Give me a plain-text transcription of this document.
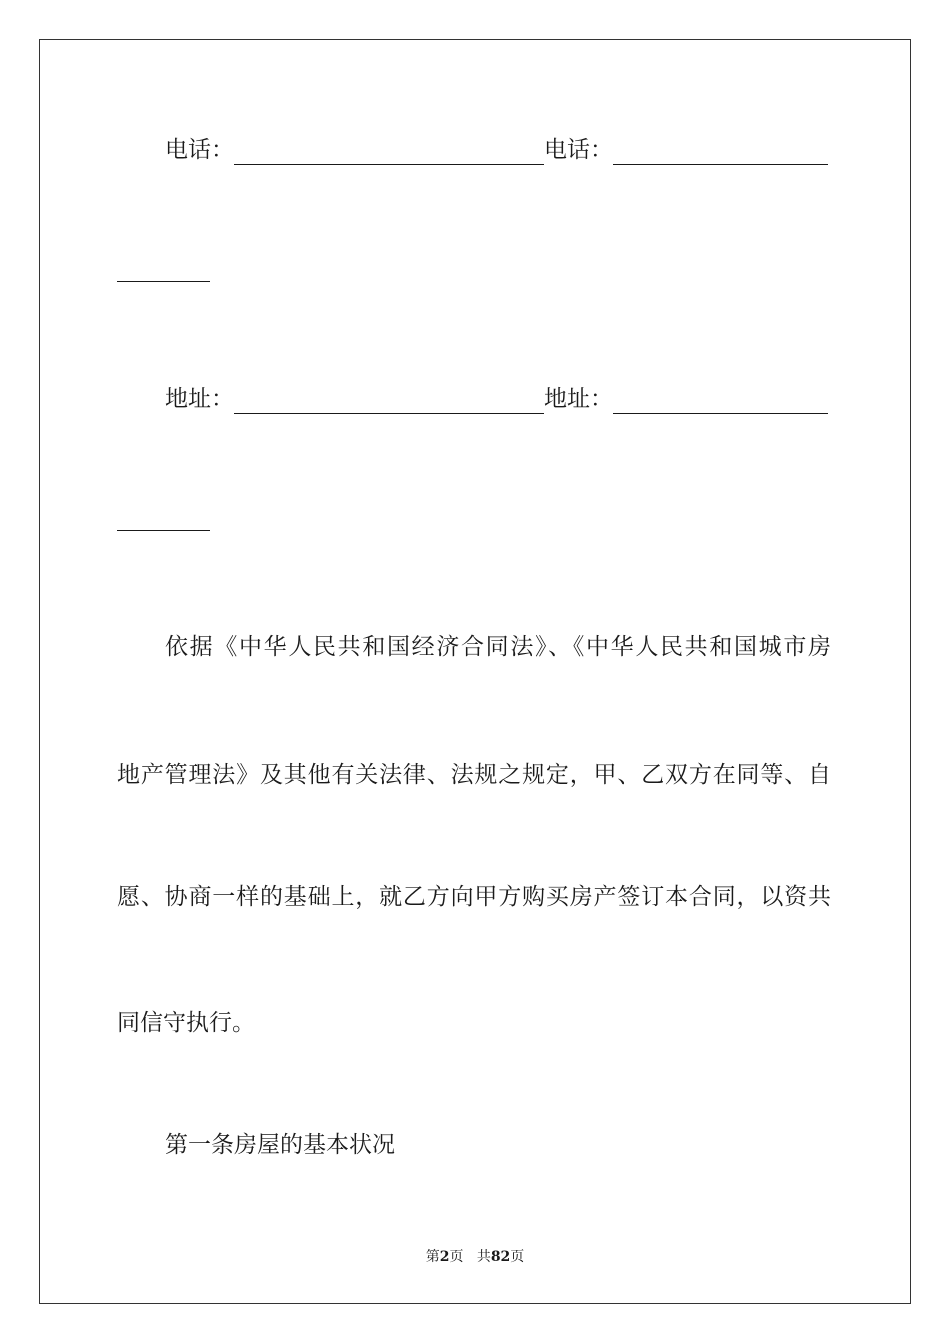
电话：	电话：
地址：	地址：
依据《中华人民共和国经济合同法》、《中华人民共和国城市房
地产管理法》及其他有关法律、法规之规定，甲、乙双方在同等、自
愿、协商一样的基础上，就乙方向甲方购买房产签订本合同，以资共
同信守执行。
第一条房屋的基本状况
第2页 共82页
